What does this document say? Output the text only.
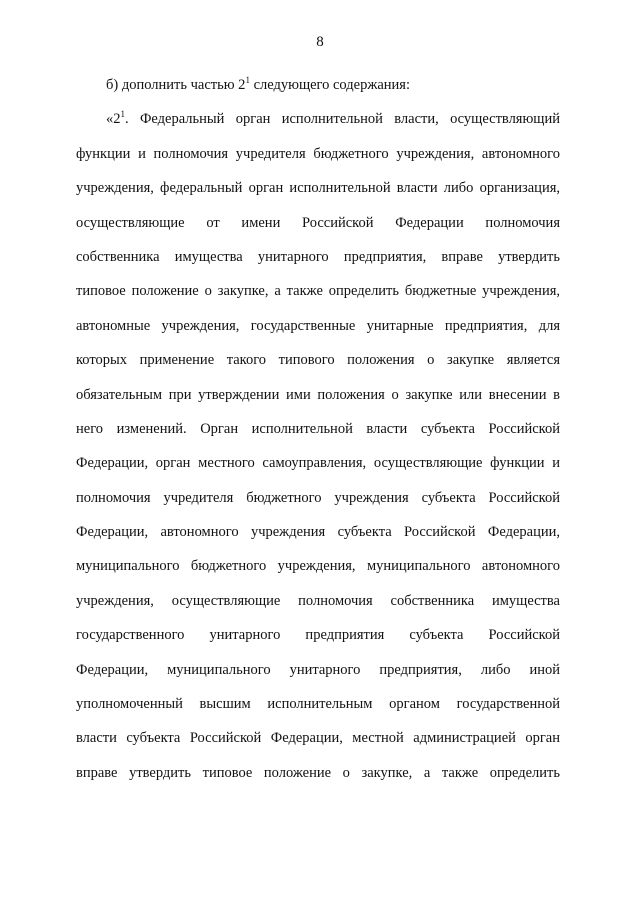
8
б) дополнить частью $2^1$ следующего содержания:
«$2^1$. Федеральный орган исполнительной власти, осуществляющий
функции и полномочия учредителя бюджетного учреждения, автономного
учреждения, федеральный орган исполнительной власти либо организация,
осуществляющие от имени Российской Федерации полномочия
собственника имущества унитарного предприятия, вправе утвердить
типовое положение о закупке, а также определить бюджетные учреждения,
автономные учреждения, государственные унитарные предприятия, для
которых применение такого типового положения о закупке является
обязательным при утверждении ими положения о закупке или внесении в
него изменений. Орган исполнительной власти субъекта Российской
Федерации, орган местного самоуправления, осуществляющие функции и
полномочия учредителя бюджетного учреждения субъекта Российской
Федерации, автономного учреждения субъекта Российской Федерации,
муниципального бюджетного учреждения, муниципального автономного
учреждения, осуществляющие полномочия собственника имущества
государственного унитарного предприятия субъекта Российской
Федерации, муниципального унитарного предприятия, либо иной
уполномоченный высшим исполнительным органом государственной
власти субъекта Российской Федерации, местной администрацией орган
вправе утвердить типовое положение о закупке, а также определить
